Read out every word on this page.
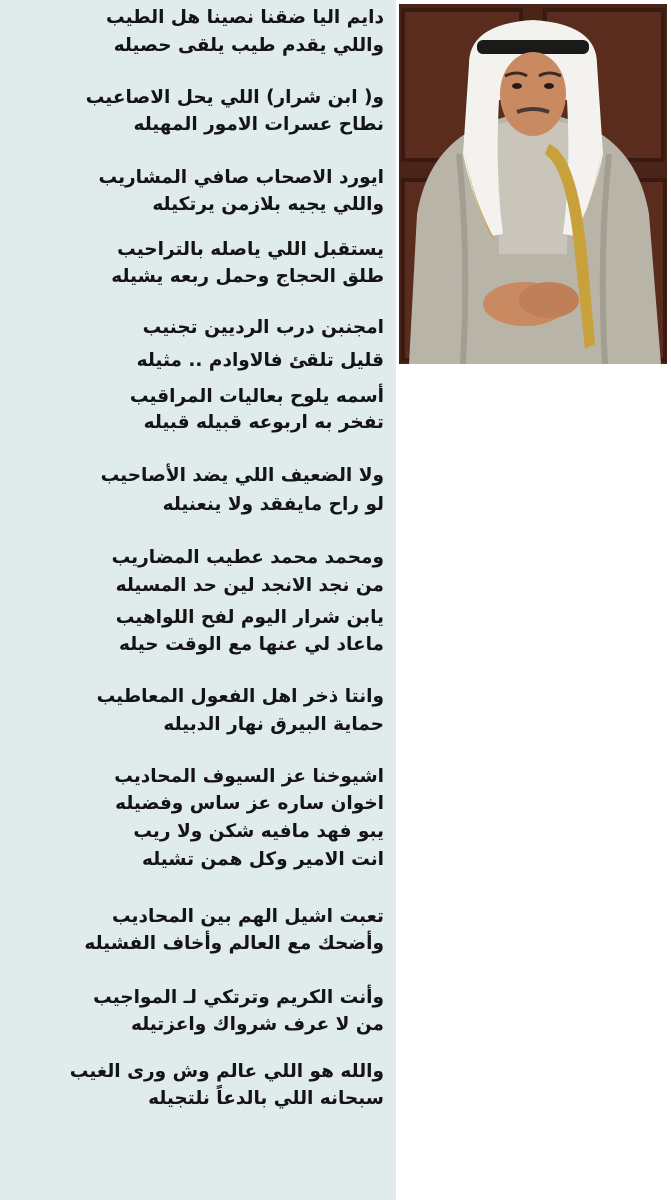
دايم اليا ضقنا نصينا هل الطيب
واللي يقدم طيب يلقى حصيله
و( ابن شرار) اللي يحل الاصاعيب
نطاح عسرات الامور المهيله
ايورد الاصحاب صافي المشاريب
واللي يجيه بلازمن يرتكيله
يستقبل اللي ياصله بالتراحيب
طلق الحجاج وحمل ربعه يشيله
امجنبن درب الرديين تجنيب
قليل تلقئ فالاوادم .. مثيله
أسمه يلوح بعاليات المراقيب
تفخر به اربوعه قبيله قبيله
ولا الضعيف اللي يضد الأصاحيب
لو راح مايفقد ولا ينعنيله
ومحمد محمد عطيب المضاريب
من نجد الانجد لين حد المسيله
يابن شرار اليوم لفح اللواهيب
ماعاد لي عنها مع الوقت حيله
وانتا ذخر اهل الفعول المعاطيب
حماية البيرق نهار الدبيله
اشيوخنا عز السيوف المحاديب
اخوان ساره عز ساس وفضيله
يبو فهد مافيه شكن ولا ريب
انت الامير وكل همن تشيله
تعبت اشيل الهم بين المحاديب
وأضحك مع العالم وأخاف الفشيله
وأنت الكريم وترتكي لـ المواجيب
من لا عرف شرواك واعزتيله
والله هو اللي عالم وش ورى الغيب
سبحانه اللي بالدعاً نلتجيله
